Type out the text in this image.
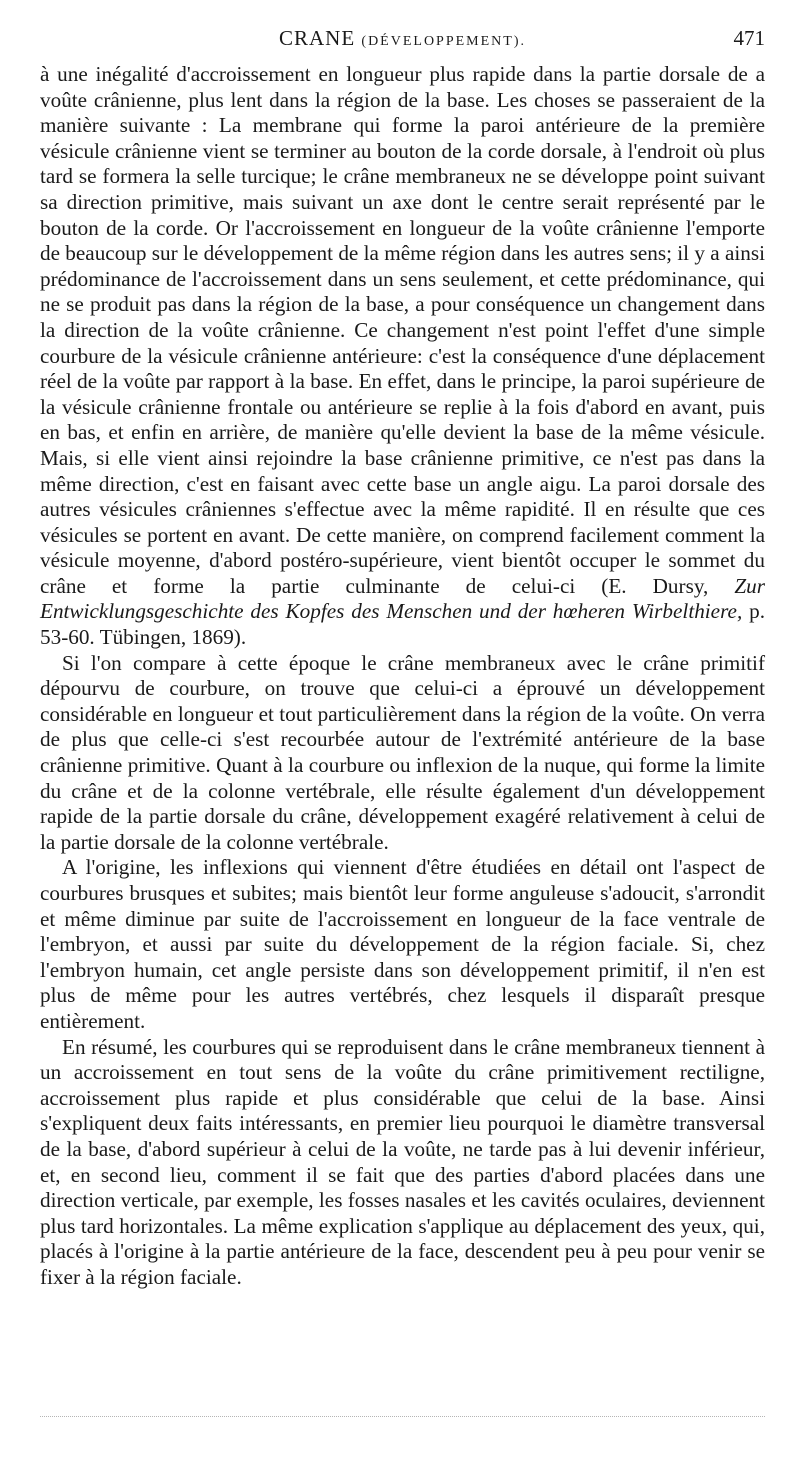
CRANE (DÉVELOPPEMENT).	471

à une inégalité d'accroissement en longueur plus rapide dans la partie dorsale de a voûte crânienne, plus lent dans la région de la base. Les choses se passeraient de la manière suivante : La membrane qui forme la paroi antérieure de la première vésicule crânienne vient se terminer au bouton de la corde dorsale, à l'endroit où plus tard se formera la selle turcique; le crâne membraneux ne se développe point suivant sa direction primitive, mais suivant un axe dont le centre serait représenté par le bouton de la corde. Or l'accroissement en longueur de la voûte crânienne l'emporte de beaucoup sur le développement de la même région dans les autres sens; il y a ainsi prédominance de l'accroissement dans un sens seulement, et cette prédominance, qui ne se produit pas dans la région de la base, a pour conséquence un changement dans la direction de la voûte crânienne. Ce changement n'est point l'effet d'une simple courbure de la vésicule crânienne antérieure: c'est la conséquence d'une déplacement réel de la voûte par rapport à la base. En effet, dans le principe, la paroi supérieure de la vésicule crânienne frontale ou antérieure se replie à la fois d'abord en avant, puis en bas, et enfin en arrière, de manière qu'elle devient la base de la même vésicule. Mais, si elle vient ainsi rejoindre la base crânienne primitive, ce n'est pas dans la même direction, c'est en faisant avec cette base un angle aigu. La paroi dorsale des autres vésicules crâniennes s'effectue avec la même rapidité. Il en résulte que ces vésicules se portent en avant. De cette manière, on comprend facilement comment la vésicule moyenne, d'abord postéro-supérieure, vient bientôt occuper le sommet du crâne et forme la partie culminante de celui-ci (E. Dursy, Zur Entwicklungsgeschichte des Kopfes des Menschen und der hœheren Wirbelthiere, p. 53-60. Tübingen, 1869).

Si l'on compare à cette époque le crâne membraneux avec le crâne primitif dépourvu de courbure, on trouve que celui-ci a éprouvé un développement considérable en longueur et tout particulièrement dans la région de la voûte. On verra de plus que celle-ci s'est recourbée autour de l'extrémité antérieure de la base crânienne primitive. Quant à la courbure ou inflexion de la nuque, qui forme la limite du crâne et de la colonne vertébrale, elle résulte également d'un développement rapide de la partie dorsale du crâne, développement exagéré relativement à celui de la partie dorsale de la colonne vertébrale.

A l'origine, les inflexions qui viennent d'être étudiées en détail ont l'aspect de courbures brusques et subites; mais bientôt leur forme anguleuse s'adoucit, s'arrondit et même diminue par suite de l'accroissement en longueur de la face ventrale de l'embryon, et aussi par suite du développement de la région faciale. Si, chez l'embryon humain, cet angle persiste dans son développement primitif, il n'en est plus de même pour les autres vertébrés, chez lesquels il disparaît presque entièrement.

En résumé, les courbures qui se reproduisent dans le crâne membraneux tiennent à un accroissement en tout sens de la voûte du crâne primitivement rectiligne, accroissement plus rapide et plus considérable que celui de la base. Ainsi s'expliquent deux faits intéressants, en premier lieu pourquoi le diamètre transversal de la base, d'abord supérieur à celui de la voûte, ne tarde pas à lui devenir inférieur, et, en second lieu, comment il se fait que des parties d'abord placées dans une direction verticale, par exemple, les fosses nasales et les cavités oculaires, deviennent plus tard horizontales. La même explication s'applique au déplacement des yeux, qui, placés à l'origine à la partie antérieure de la face, descendent peu à peu pour venir se fixer à la région faciale.
